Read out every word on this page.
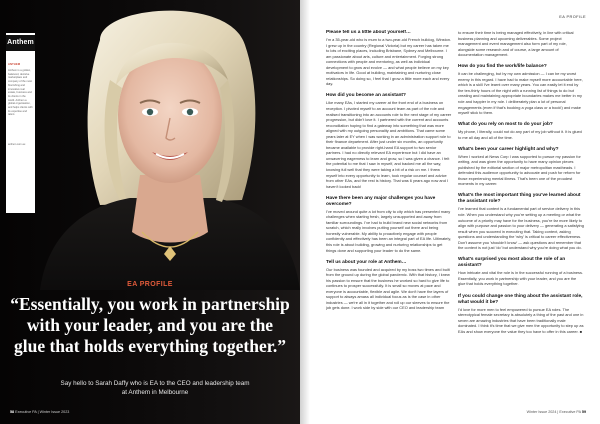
Anthem
ANTHEM
Anthem is a golden, balanced, decisive marketplace and company of the most flourishing and innovative real estate, business and its clients in the world. Anthem a global organisation, and helps clients with its expertise and talent.
anthem.com.au
EA PROFILE
“Essentially, you work in partnership with your leader, and you are the glue that holds everything together.”
Say hello to Sarah Daffy who is EA to the CEO and leadership team at Anthem in Melbourne
58 Executive PA | Winter Issue 2023
EA PROFILE

Please tell us a little about yourself…

I'm a 35-year-old who is mum to a two-year-old French bulldog, Winston. I grew up in the country (Regional Victoria) but my career has taken me to lots of exciting places, including Brisbane, Sydney and Melbourne. I am passionate about arts, culture and entertainment. Forging strong connections with people and mentoring, as well as individual development to grow and evolve — and what people believe on my key motivators in life. Good at building, maintaining and nurturing close relationships. So doing so, I feel that I grow a little more each and every day.

How did you become an assistant?

Like many EAs, I started my career at the front end of a business on reception. I pivoted myself to an account team as part of the role and realised transitioning into an accounts role to the next stage of my career progression, but didn't love it. I partnered with the current and accounts reconciliation hoping to find a gateway into something that was more aligned with my outgoing personality and ambitions. That came some years later at EY when I was working in an administration support role to their finance department. After just under six months, an opportunity became available to provide right-hand EA support to two senior partners. I had no directly relevant EA experience but I did have an unwavering eagerness to learn and grow, so I was given a chance. I felt the potential to me that I saw in myself, and backed me all the way, knowing full well that they were taking a bit of a risk on me. I threw myself into every opportunity to learn, took regular counsel and advice from other EAs, and the rest is history. That was 6 years ago now and I haven't looked back!

Have there been any major challenges you have overcome?

I've moved around quite a lot from city to city which has presented many challenges when starting fresh, largely unsupported and away from familiar surroundings. I've had to build brand new social networks from scratch, which really involves putting yourself out there and being honestly vulnerable. My ability to proactively engage with people confidently and effectively has been an integral part of EA life. Ultimately, this role is about building, growing and nurturing relationships to get things done and supporting your leader to do the same.

Tell us about your role at Anthem…

Our business was founded and acquired by my boss two times and built from the ground up during the global pandemic. With that history, I knew his passion to ensure that the business he worked so hard to give life to continues to prosper successfully. It is small so moves at pace and everyone is accountable, flexible and agile. We don't have the layers of support to always amass all individual focus as is the case in other industries — we're all in it together and roll up our sleeves to ensure the job gets done. I work side by side with our CEO and leadership team

to ensure their time is being managed effectively, in line with critical business planning and upcoming deliverables. Some project management and event management also form part of my role, alongside some research and of course, a large amount of documentation management.

How do you find the work/life balance?

It can be challenging, but by my own admission — I can be my worst enemy in this regard. I have had to make myself more accountable here, which is a skill I've learnt over many years. You can easily let it end by the ten-thirty hours of the night with a running list of things to do but creating and maintaining appropriate boundaries makes me better in my role and happier in my role. I deliberately plan a lot of personal engagements (even if that's booking a yoga class or a book!) and make myself stick to them.

What do you rely on most to do your job?

My phone, I literally, could not do any part of my job without it. It is glued to me all day and all of the time.

What's been your career highlight and why?

When I worked at News Corp I was supported to pursue my passion for writing, and was given the opportunity to have many opinion pieces published by the editorial section of major metropolitan mastheads. I defended this audience opportunity to advocate and push for reform for those experiencing mental illness. That's been one of the proudest moments in my career.

What's the most important thing you've learned about the assistant role?

I've learned that context is a fundamental part of service delivery in this role. When you understand why you're setting up a meeting or what the outcome of a priority may have for the business, you're far more likely to align with purpose and passion to your delivery — generating a satisfying result when you succeed in executing that. Taking context, asking questions and understanding the 'why' is critical to career effectiveness. Don't assume you 'shouldn't know' — ask questions and remember that the context is not just 'do' but understand why you're doing what you do.

What's surprised you most about the role of an assistant?

How intricate and vital the role is in the successful running of a business. Essentially, you work in partnership with your leader, and you are the glue that holds everything together.

If you could change one thing about the assistant role, what would it be?

I'd love for more men to feel empowered to pursue EA roles. The stereotypical female secretary is absolutely a thing of the past and one in seven are amazing industries that have been traditionally male dominated. I think it's time that we give men the opportunity to step up as EAs and show everyone the value they too have to offer in this career. ■

Winter Issue 2024 | Executive PA 59
